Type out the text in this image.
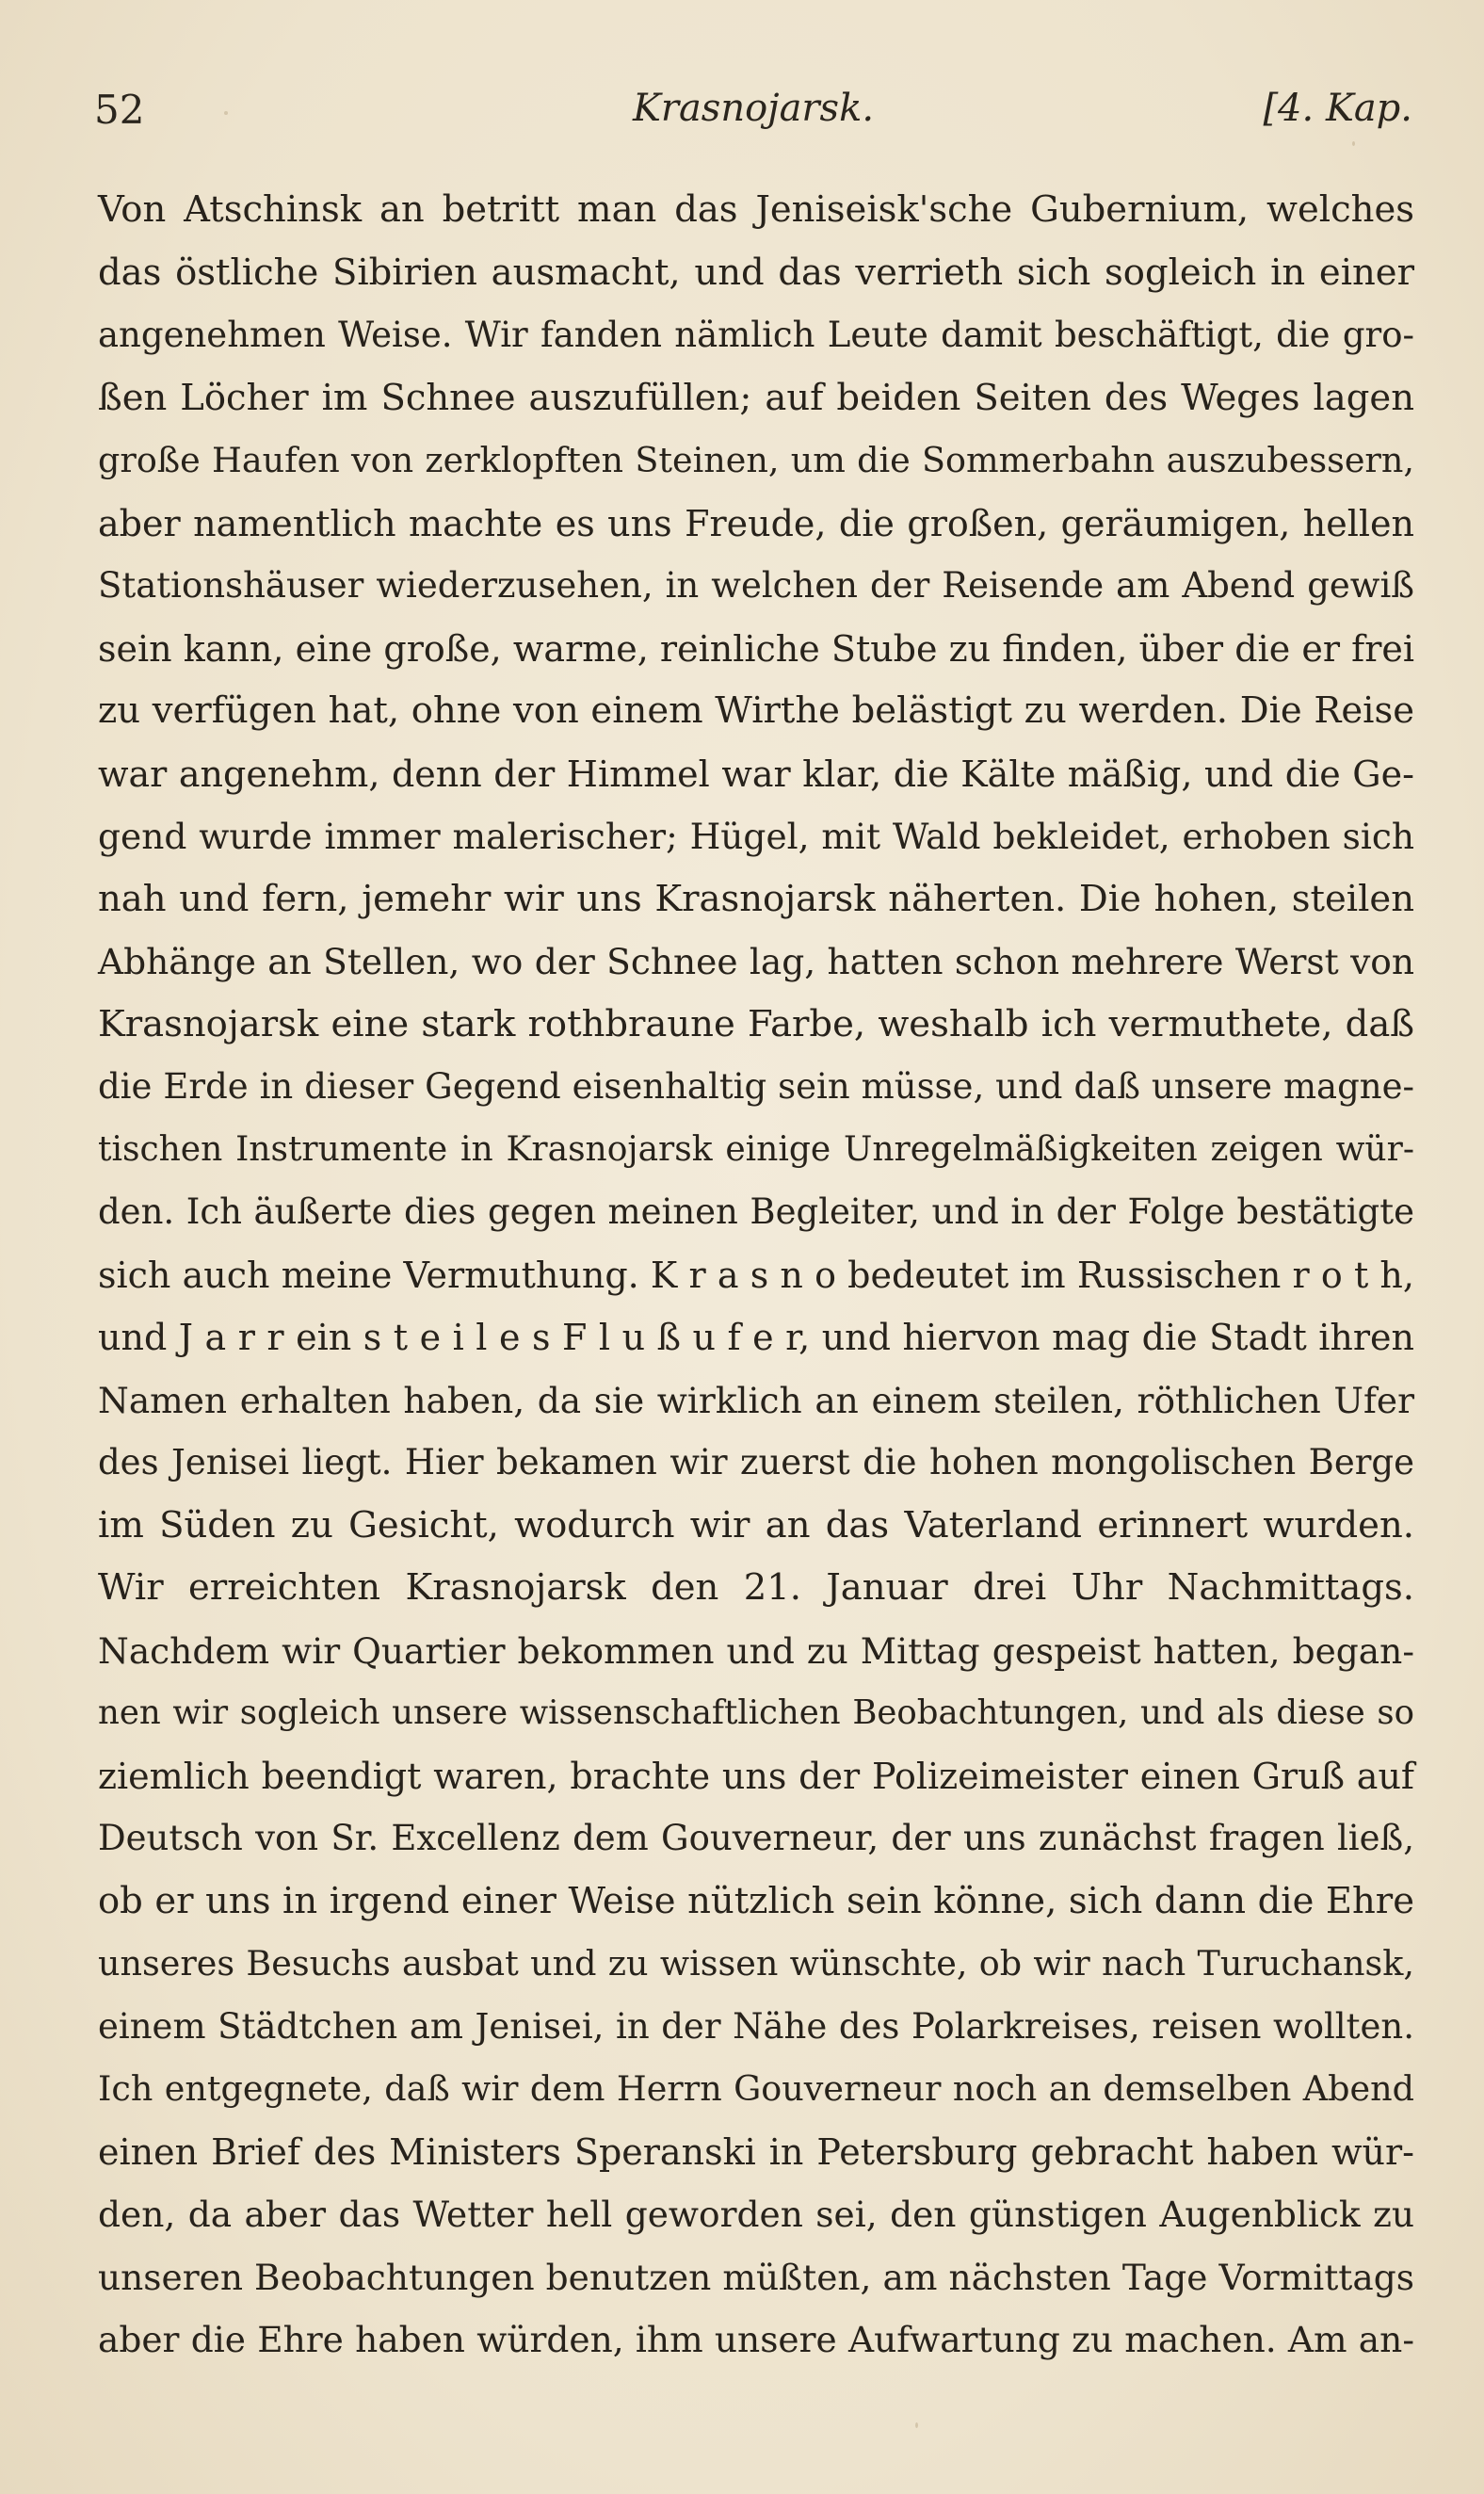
52	Krasnojarsk.	[4. Kap.
Von Atschinsk an betritt man das Jeniseisk'sche Gubernium, welches
das östliche Sibirien ausmacht, und das verrieth sich sogleich in einer
angenehmen Weise. Wir fanden nämlich Leute damit beschäftigt, die gro-
ßen Löcher im Schnee auszufüllen; auf beiden Seiten des Weges lagen
große Haufen von zerklopften Steinen, um die Sommerbahn auszubessern,
aber namentlich machte es uns Freude, die großen, geräumigen, hellen
Stationshäuser wiederzusehen, in welchen der Reisende am Abend gewiß
sein kann, eine große, warme, reinliche Stube zu finden, über die er frei
zu verfügen hat, ohne von einem Wirthe belästigt zu werden. Die Reise
war angenehm, denn der Himmel war klar, die Kälte mäßig, und die Ge-
gend wurde immer malerischer; Hügel, mit Wald bekleidet, erhoben sich
nah und fern, jemehr wir uns Krasnojarsk näherten. Die hohen, steilen
Abhänge an Stellen, wo der Schnee lag, hatten schon mehrere Werst von
Krasnojarsk eine stark rothbraune Farbe, weshalb ich vermuthete, daß
die Erde in dieser Gegend eisenhaltig sein müsse, und daß unsere magne-
tischen Instrumente in Krasnojarsk einige Unregelmäßigkeiten zeigen wür-
den. Ich äußerte dies gegen meinen Begleiter, und in der Folge bestätigte
sich auch meine Vermuthung. K r a s n o bedeutet im Russischen r o t h,
und J a r r ein s t e i l e s F l u ß u f e r, und hiervon mag die Stadt ihren
Namen erhalten haben, da sie wirklich an einem steilen, röthlichen Ufer
des Jenisei liegt. Hier bekamen wir zuerst die hohen mongolischen Berge
im Süden zu Gesicht, wodurch wir an das Vaterland erinnert wurden.
Wir erreichten Krasnojarsk den 21. Januar drei Uhr Nachmittags.
Nachdem wir Quartier bekommen und zu Mittag gespeist hatten, began-
nen wir sogleich unsere wissenschaftlichen Beobachtungen, und als diese so
ziemlich beendigt waren, brachte uns der Polizeimeister einen Gruß auf
Deutsch von Sr. Excellenz dem Gouverneur, der uns zunächst fragen ließ,
ob er uns in irgend einer Weise nützlich sein könne, sich dann die Ehre
unseres Besuchs ausbat und zu wissen wünschte, ob wir nach Turuchansk,
einem Städtchen am Jenisei, in der Nähe des Polarkreises, reisen wollten.
Ich entgegnete, daß wir dem Herrn Gouverneur noch an demselben Abend
einen Brief des Ministers Speranski in Petersburg gebracht haben wür-
den, da aber das Wetter hell geworden sei, den günstigen Augenblick zu
unseren Beobachtungen benutzen müßten, am nächsten Tage Vormittags
aber die Ehre haben würden, ihm unsere Aufwartung zu machen. Am an-
